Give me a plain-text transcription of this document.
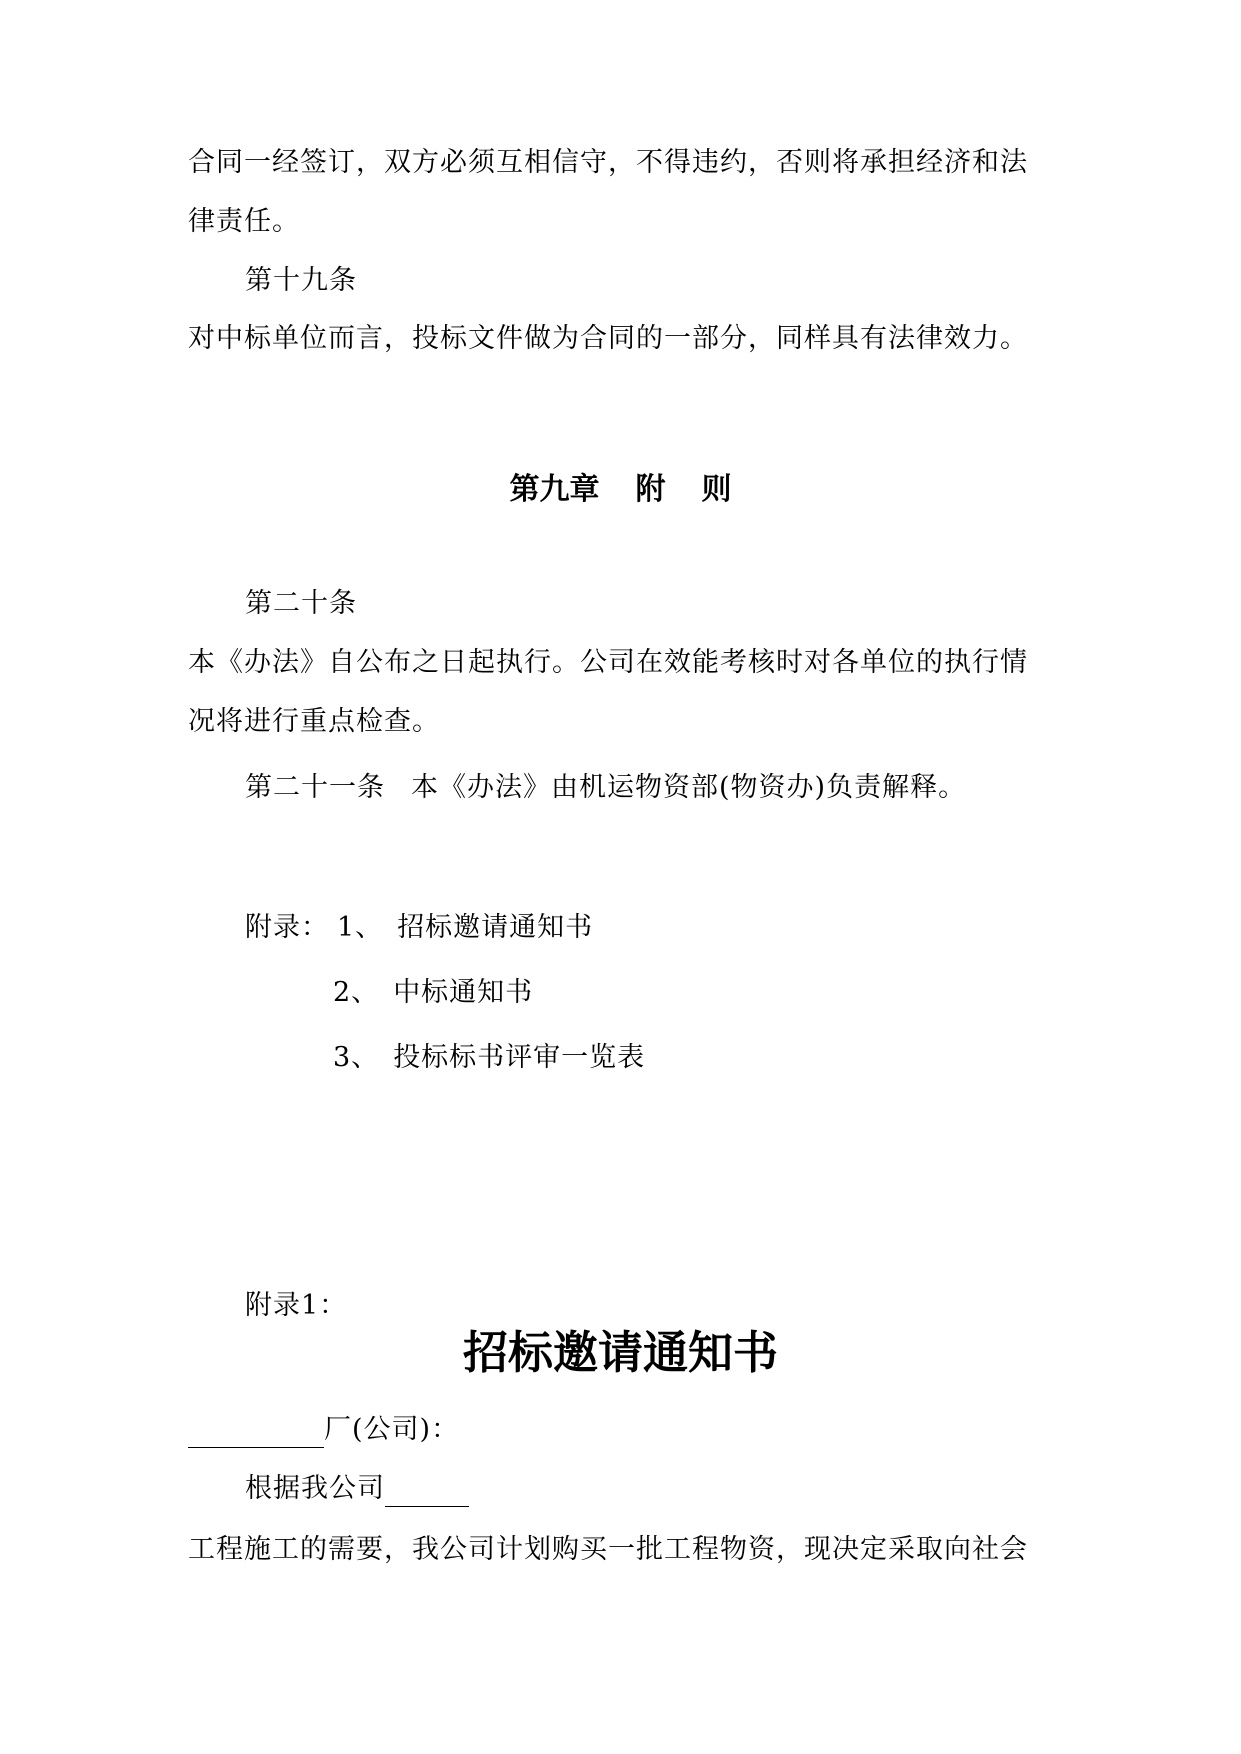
合同一经签订，双方必须互相信守，不得违约，否则将承担经济和法
律责任。
第十九条
对中标单位而言，投标文件做为合同的一部分，同样具有法律效力。
第九章 附 则
第二十条
本《办法》自公布之日起执行。公司在效能考核时对各单位的执行情
况将进行重点检查。
第二十一条 本《办法》由机运物资部(物资办)负责解释。
附录： 1、 招标邀请通知书
2、 中标通知书
3、 投标标书评审一览表
附录1：
招标邀请通知书
厂(公司)：
根据我公司
工程施工的需要，我公司计划购买一批工程物资，现决定采取向社会
